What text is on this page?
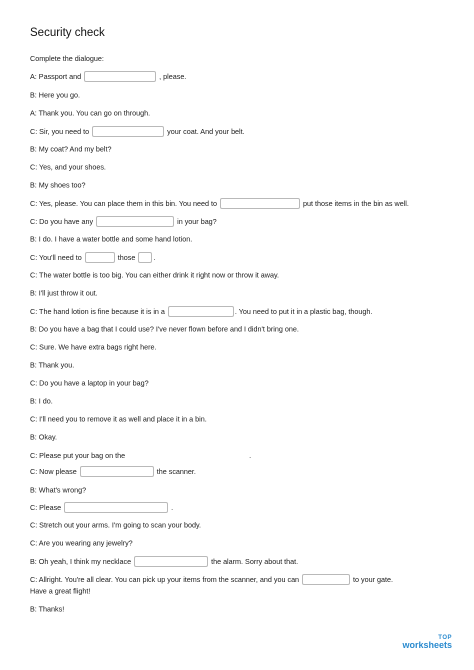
Security check
Complete the dialogue:
A: Passport and	, please.
B: Here you go.
A: Thank you. You can go on through.
C: Sir, you need to	your coat. And your belt.
B: My coat? And my belt?
C: Yes, and your shoes.
B: My shoes too?
C: Yes, please. You can place them in this bin. You need to	put those items in the bin as well.
C: Do you have any	in your bag?
B: I do. I have a water bottle and some hand lotion.
C: You'll need to	those .
C: The water bottle is too big. You can either drink it right now or throw it away.
B: I'll just throw it out.
C: The hand lotion is fine because it is in a	. You need to put it in a plastic bag, though.
B: Do you have a bag that I could use? I've never flown before and I didn't bring one.
C: Sure. We have extra bags right here.
B: Thank you.
C: Do you have a laptop in your bag?
B: I do.
C: I'll need you to remove it as well and place it in a bin.
B: Okay.
C: Please put your bag on the	.
C: Now please	the scanner.
B: What's wrong?
C: Please	.
C: Stretch out your arms. I'm going to scan your body.
C: Are you wearing any jewelry?
B: Oh yeah, I think my necklace	the alarm. Sorry about that.
C: Allright. You're all clear. You can pick up your items from the scanner, and you can	to your gate.
Have a great flight!
B: Thanks!
TOP
worksheets
